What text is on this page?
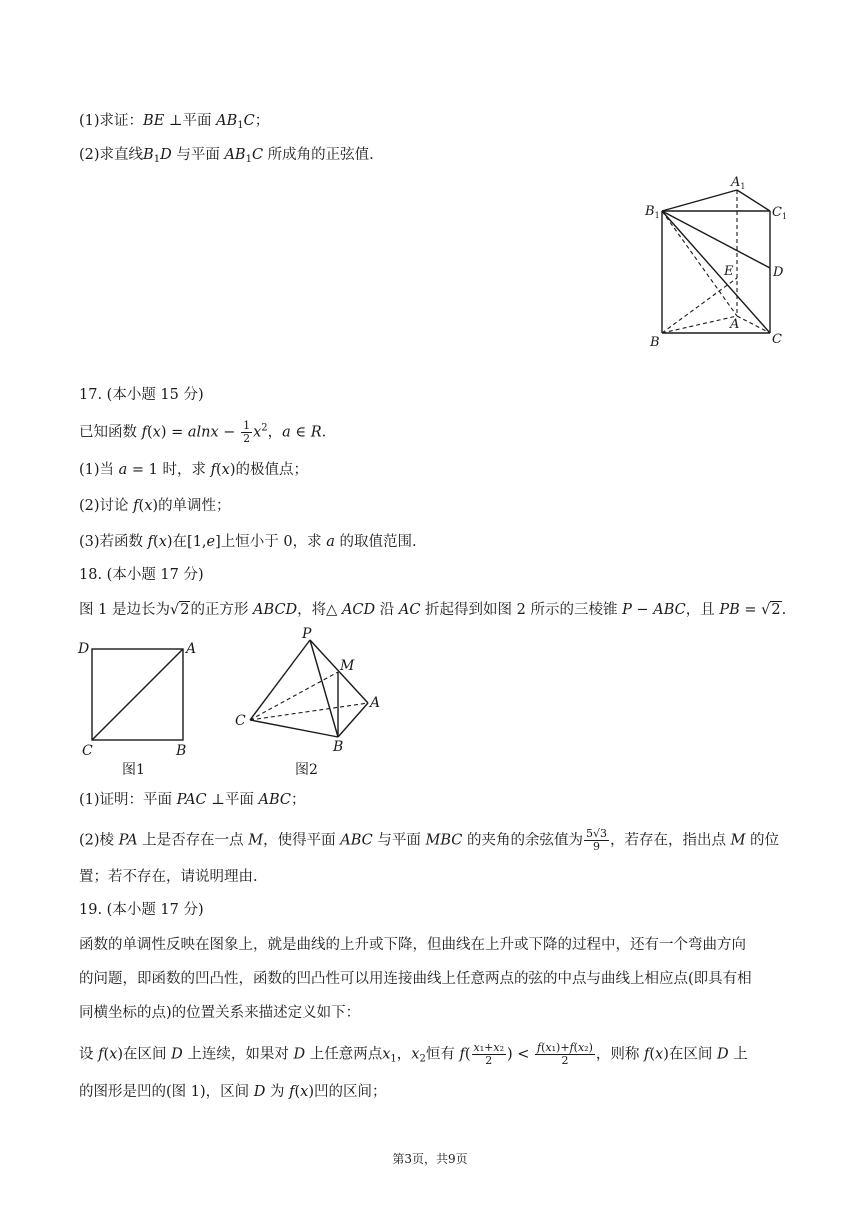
(1)求证：BE ⊥平面 $AB_1C$；
(2)求直线$B_1D$ 与平面 $AB_1C$ 所成角的正弦值.
$B_1$
$A_1$
$C_1$
D
E
A
B	C
17. (本小题 15 分)
已知函数 $f(x) = alnx - \frac{1}{2} x^2$，a ∈ R.
(1)当 a = 1 时，求 f(x)的极值点；
(2)讨论 f(x)的单调性；
(3)若函数 f(x)在[1,e]上恒小于 0，求 a 的取值范围.
18. (本小题 17 分)
图 1 是边长为√2的正方形 ABCD，将△ ACD 沿 AC 折起得到如图 2 所示的三棱锥 P − ABC，且 PB = √2.
D	A
C	B
图1
P
M
A
C
B
图2
(1)证明：平面 PAC ⊥平面 ABC；
(2)棱 PA 上是否存在一点 M，使得平面 ABC 与平面 MBC 的夹角的余弦值为 $\frac{5√3}{9}$ ，若存在，指出点 M 的位
置；若不存在，请说明理由.
19. (本小题 17 分)
函数的单调性反映在图象上，就是曲线的上升或下降，但曲线在上升或下降的过程中，还有一个弯曲方向
的问题，即函数的凹凸性，函数的凹凸性可以用连接曲线上任意两点的弦的中点与曲线上相应点(即具有相
同横坐标的点)的位置关系来描述定义如下：
设 f(x)在区间 D 上连续，如果对 D 上任意两点$x_1$，$x_2$恒有 $f( \frac{\text{x₁+x₂}}{2}$ ) < $\frac{\text{f(x₁)+f(x₂)}}{2}$ ，则称 f(x)在区间 D 上
的图形是凹的(图 1)，区间 D 为 f(x)凹的区间；
第3页，共9页
